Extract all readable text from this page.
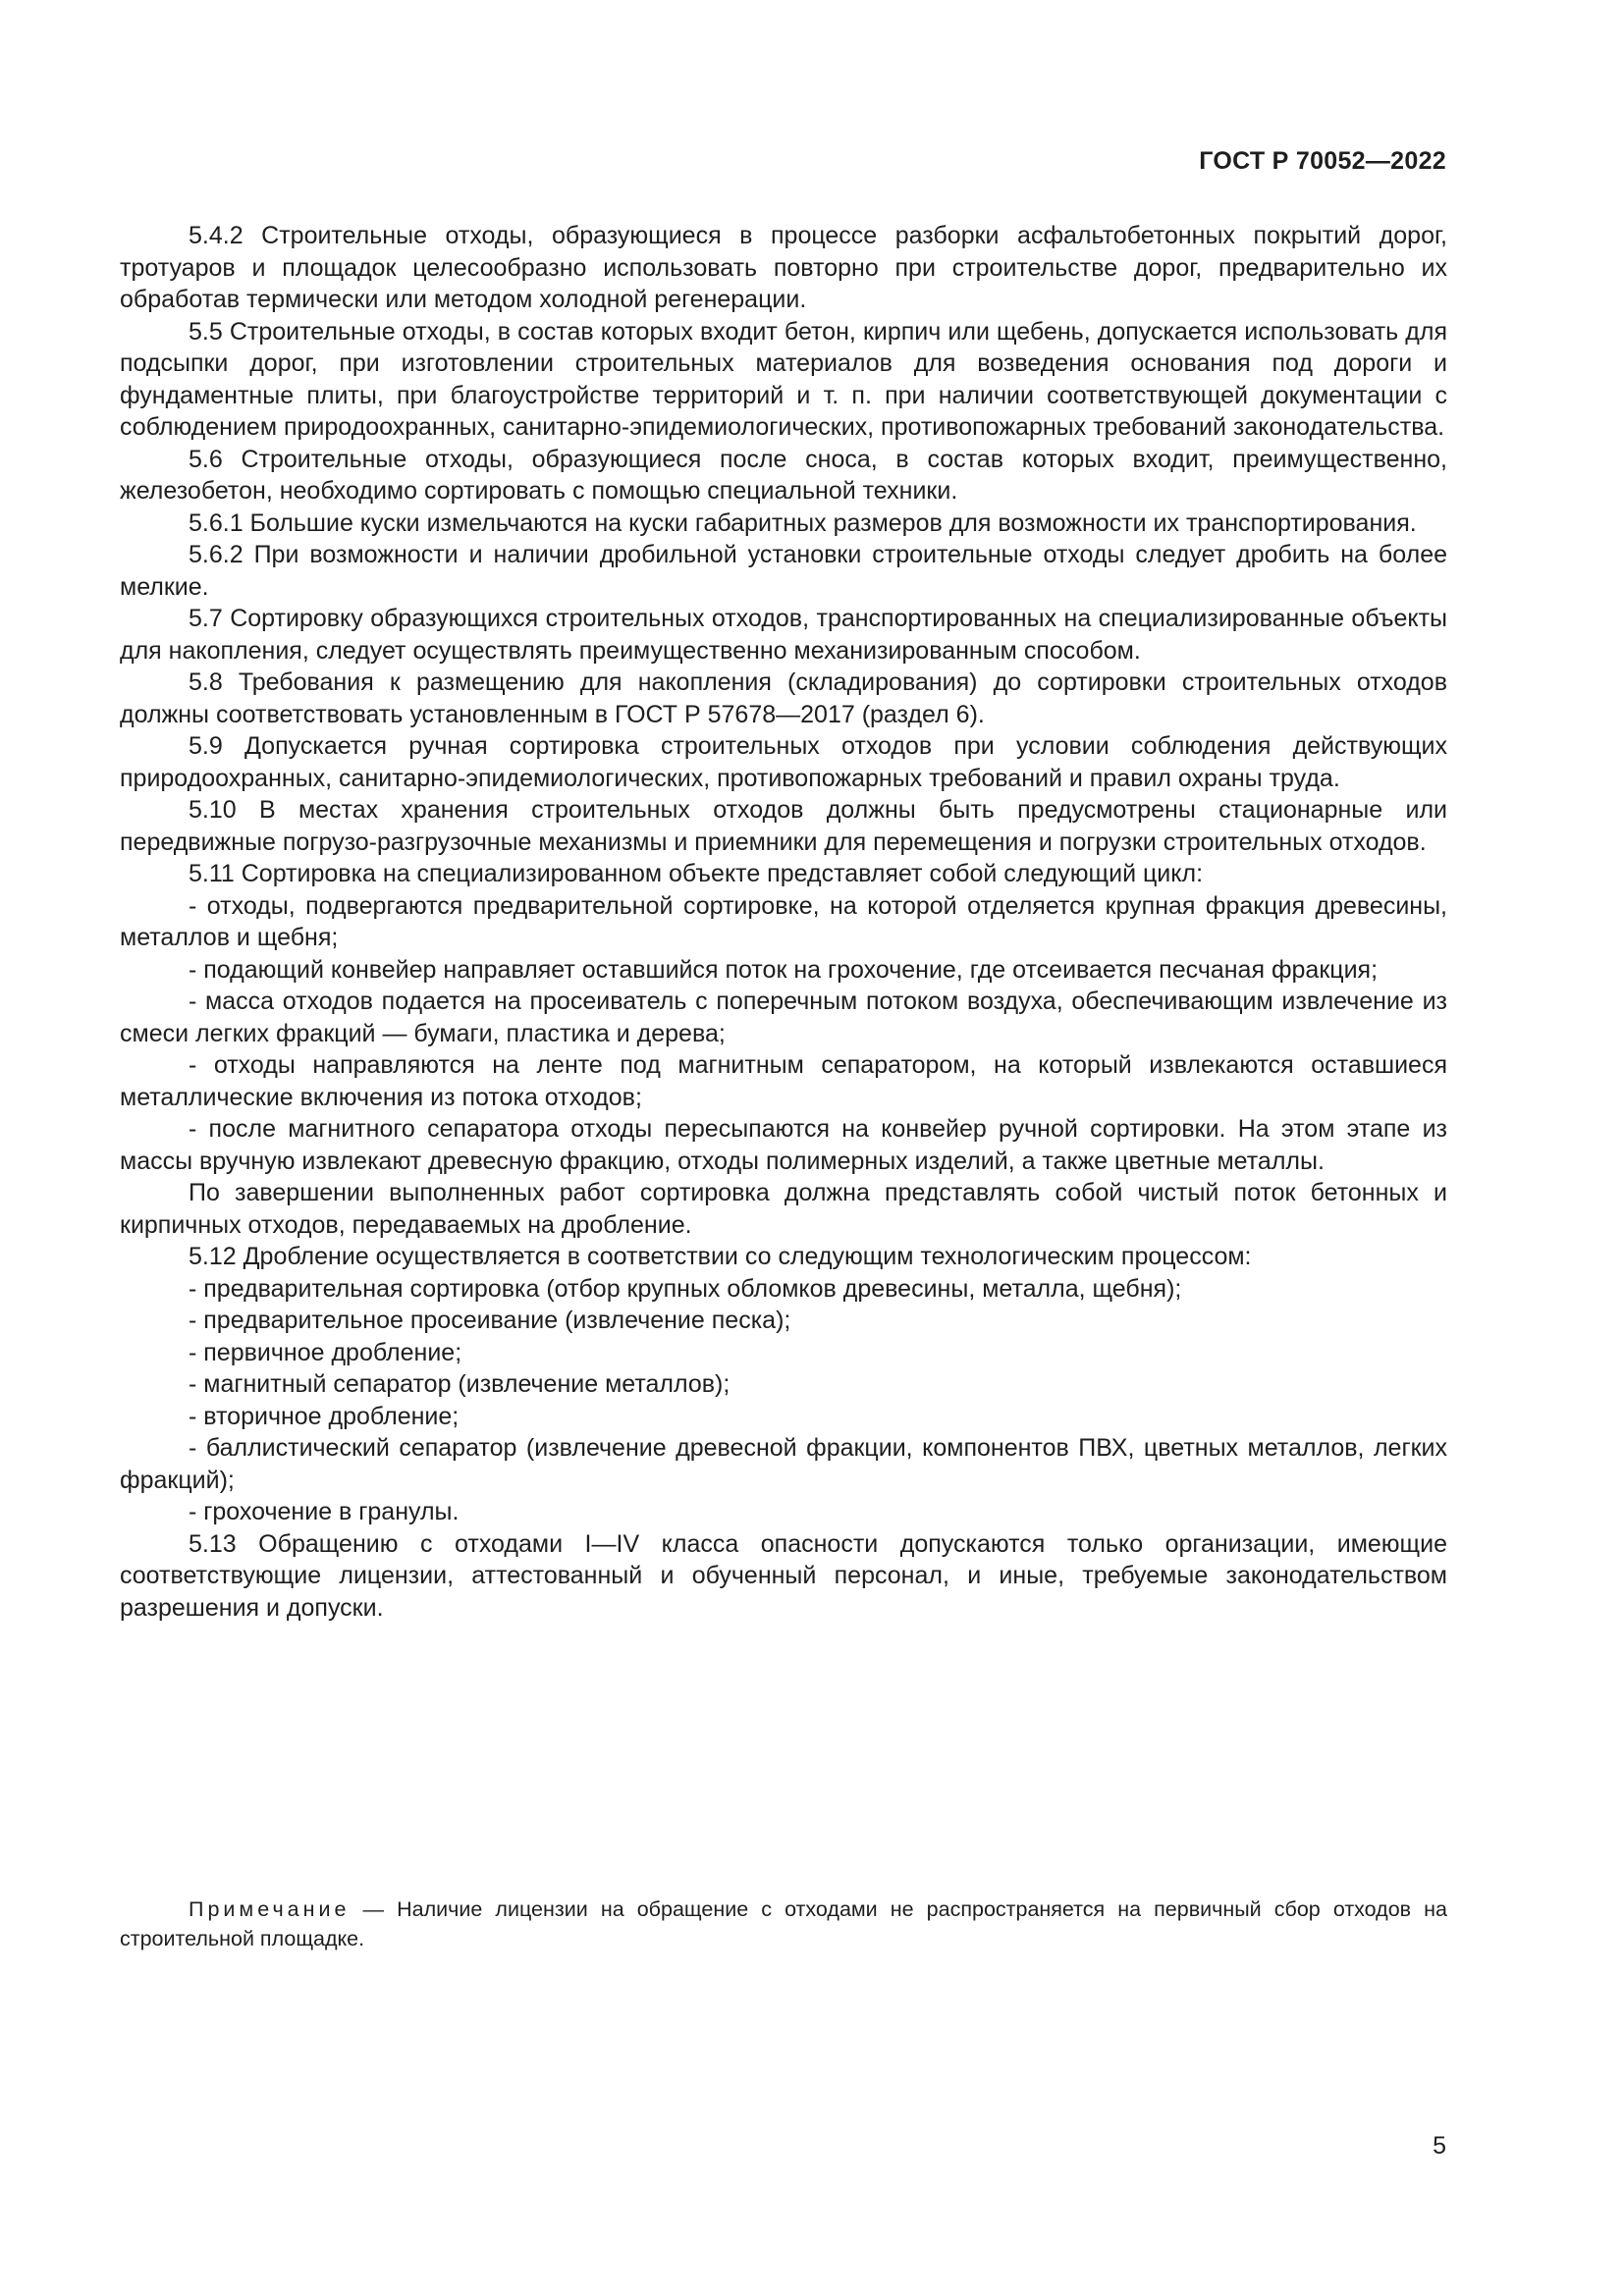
ГОСТ Р 70052—2022

5.4.2 Строительные отходы, образующиеся в процессе разборки асфальтобетонных покрытий дорог, тротуаров и площадок целесообразно использовать повторно при строительстве дорог, предварительно их обработав термически или методом холодной регенерации.

5.5 Строительные отходы, в состав которых входит бетон, кирпич или щебень, допускается использовать для подсыпки дорог, при изготовлении строительных материалов для возведения основания под дороги и фундаментные плиты, при благоустройстве территорий и т. п. при наличии соответствующей документации с соблюдением природоохранных, санитарно-эпидемиологических, противопожарных требований законодательства.

5.6 Строительные отходы, образующиеся после сноса, в состав которых входит, преимущественно, железобетон, необходимо сортировать с помощью специальной техники.

5.6.1 Большие куски измельчаются на куски габаритных размеров для возможности их транспортирования.

5.6.2 При возможности и наличии дробильной установки строительные отходы следует дробить на более мелкие.

5.7 Сортировку образующихся строительных отходов, транспортированных на специализированные объекты для накопления, следует осуществлять преимущественно механизированным способом.

5.8 Требования к размещению для накопления (складирования) до сортировки строительных отходов должны соответствовать установленным в ГОСТ Р 57678—2017 (раздел 6).

5.9 Допускается ручная сортировка строительных отходов при условии соблюдения действующих природоохранных, санитарно-эпидемиологических, противопожарных требований и правил охраны труда.

5.10 В местах хранения строительных отходов должны быть предусмотрены стационарные или передвижные погрузо-разгрузочные механизмы и приемники для перемещения и погрузки строительных отходов.

5.11 Сортировка на специализированном объекте представляет собой следующий цикл:

- отходы, подвергаются предварительной сортировке, на которой отделяется крупная фракция древесины, металлов и щебня;

- подающий конвейер направляет оставшийся поток на грохочение, где отсеивается песчаная фракция;

- масса отходов подается на просеиватель с поперечным потоком воздуха, обеспечивающим извлечение из смеси легких фракций — бумаги, пластика и дерева;

- отходы направляются на ленте под магнитным сепаратором, на который извлекаются оставшиеся металлические включения из потока отходов;

- после магнитного сепаратора отходы пересыпаются на конвейер ручной сортировки. На этом этапе из массы вручную извлекают древесную фракцию, отходы полимерных изделий, а также цветные металлы.

По завершении выполненных работ сортировка должна представлять собой чистый поток бетонных и кирпичных отходов, передаваемых на дробление.

5.12 Дробление осуществляется в соответствии со следующим технологическим процессом:

- предварительная сортировка (отбор крупных обломков древесины, металла, щебня);

- предварительное просеивание (извлечение песка);

- первичное дробление;

- магнитный сепаратор (извлечение металлов);

- вторичное дробление;

- баллистический сепаратор (извлечение древесной фракции, компонентов ПВХ, цветных металлов, легких фракций);

- грохочение в гранулы.

5.13 Обращению с отходами I—IV класса опасности допускаются только организации, имеющие соответствующие лицензии, аттестованный и обученный персонал, и иные, требуемые законодательством разрешения и допуски.

Примечание — Наличие лицензии на обращение с отходами не распространяется на первичный сбор отходов на строительной площадке.
5
